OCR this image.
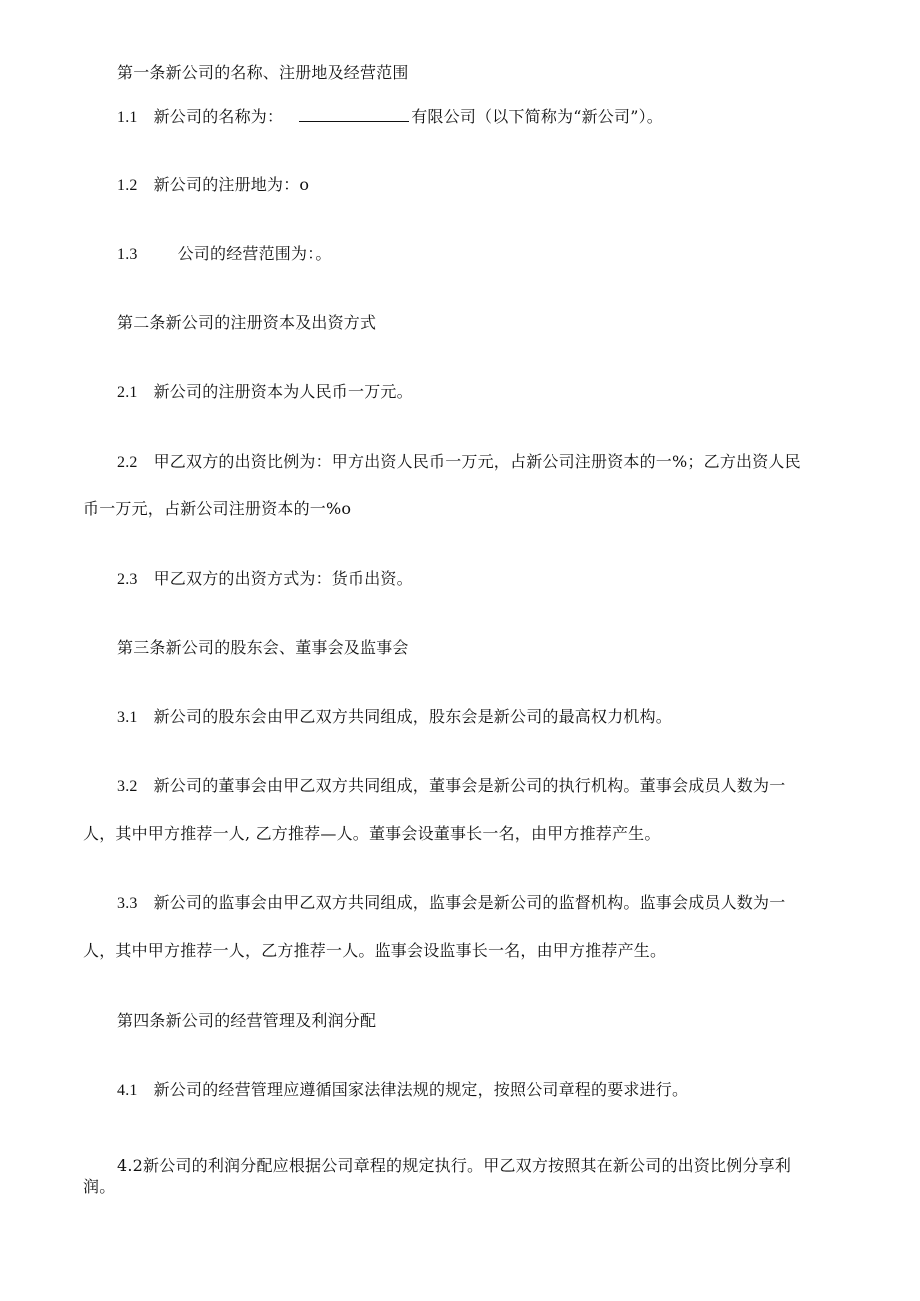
第一条新公司的名称、注册地及经营范围
1.1 新公司的名称为：	有限公司（以下简称为“新公司”）。
1.2 新公司的注册地为：o
1.3	公司的经营范围为：。
第二条新公司的注册资本及出资方式
2.1 新公司的注册资本为人民币一万元。
2.2 甲乙双方的出资比例为：甲方出资人民币一万元，占新公司注册资本的一%；乙方出资人民
币一万元，占新公司注册资本的一%o
2.3 甲乙双方的出资方式为：货币出资。
第三条新公司的股东会、董事会及监事会
3.1 新公司的股东会由甲乙双方共同组成，股东会是新公司的最高权力机构。
3.2 新公司的董事会由甲乙双方共同组成，董事会是新公司的执行机构。董事会成员人数为一
人，其中甲方推荐一人, 乙方推荐—人。董事会设董事长一名，由甲方推荐产生。
3.3 新公司的监事会由甲乙双方共同组成，监事会是新公司的监督机构。监事会成员人数为一
人，其中甲方推荐一人，乙方推荐一人。监事会设监事长一名，由甲方推荐产生。
第四条新公司的经营管理及利润分配
4.1 新公司的经营管理应遵循国家法律法规的规定，按照公司章程的要求进行。
4.2新公司的利润分配应根据公司章程的规定执行。甲乙双方按照其在新公司的出资比例分享利
润。
